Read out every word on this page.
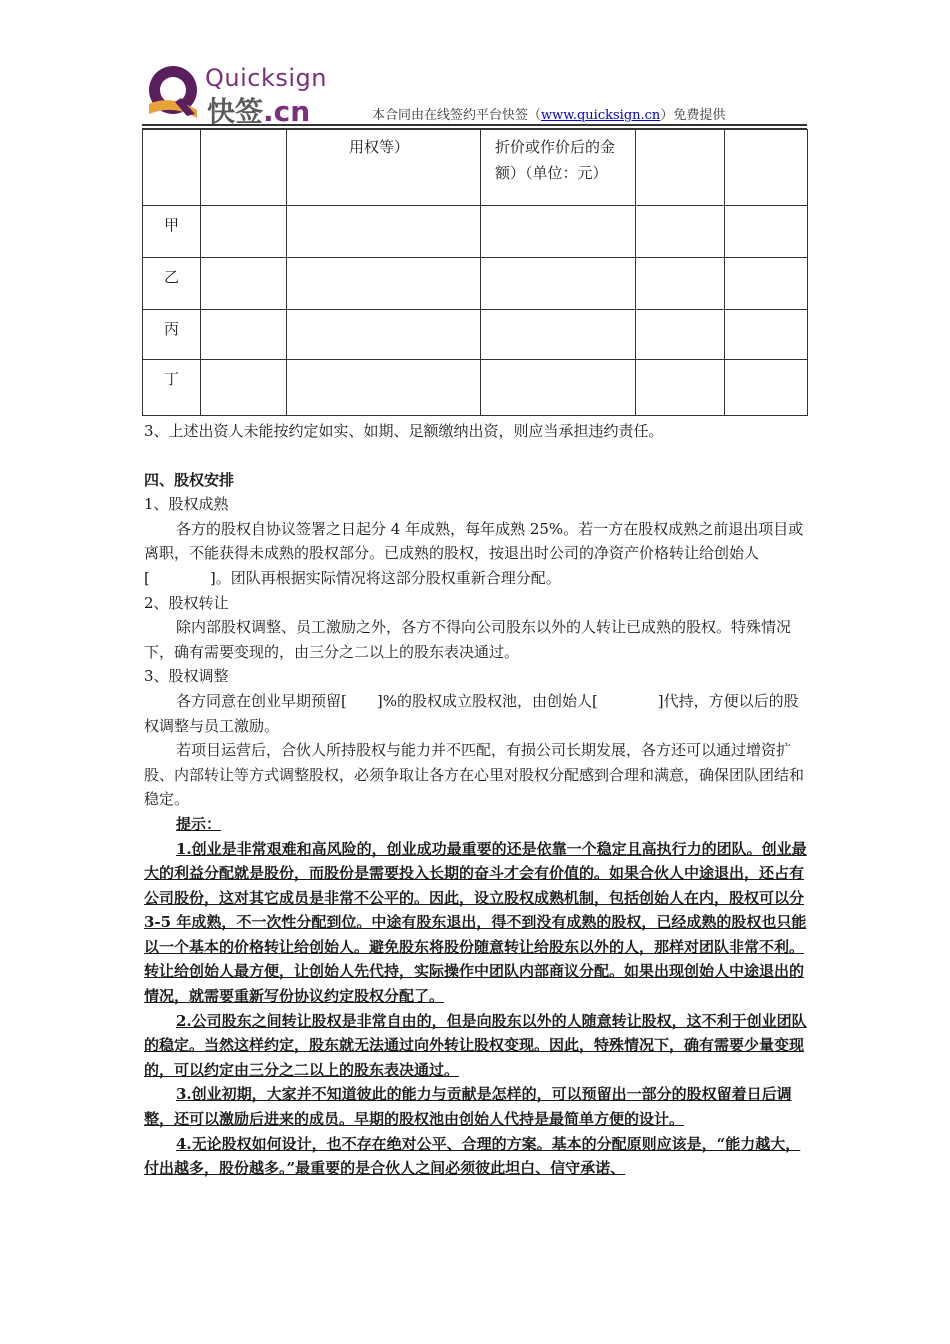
Quicksign
快签.cn	本合同由在线签约平台快签（www.quicksign.cn）免费提供

		用权等）	折价或作价后的金额）（单位：元）		

甲					
乙					
丙					
丁					

3、上述出资人未能按约定如实、如期、足额缴纳出资，则应当承担违约责任。

四、股权安排

1、股权成熟

各方的股权自协议签署之日起分 4 年成熟，每年成熟 25%。若一方在股权成熟之前退出项目或离职，不能获得未成熟的股权部分。已成熟的股权，按退出时公司的净资产价格转让给创始人[　　　　]。团队再根据实际情况将这部分股权重新合理分配。

2、股权转让

除内部股权调整、员工激励之外，各方不得向公司股东以外的人转让已成熟的股权。特殊情况下，确有需要变现的，由三分之二以上的股东表决通过。

3、股权调整

各方同意在创业早期预留[　　]%的股权成立股权池，由创始人[　　　　]代持，方便以后的股权调整与员工激励。

若项目运营后，合伙人所持股权与能力并不匹配，有损公司长期发展，各方还可以通过增资扩股、内部转让等方式调整股权，必须争取让各方在心里对股权分配感到合理和满意，确保团队团结和稳定。

提示：

1.创业是非常艰难和高风险的，创业成功最重要的还是依靠一个稳定且高执行力的团队。创业最大的利益分配就是股份，而股份是需要投入长期的奋斗才会有价值的。如果合伙人中途退出，还占有公司股份，这对其它成员是非常不公平的。因此，设立股权成熟机制，包括创始人在内，股权可以分 3-5 年成熟，不一次性分配到位。中途有股东退出，得不到没有成熟的股权，已经成熟的股权也只能以一个基本的价格转让给创始人。避免股东将股份随意转让给股东以外的人，那样对团队非常不利。转让给创始人最方便，让创始人先代持，实际操作中团队内部商议分配。如果出现创始人中途退出的情况，就需要重新写份协议约定股权分配了。

2.公司股东之间转让股权是非常自由的，但是向股东以外的人随意转让股权，这不利于创业团队的稳定。当然这样约定，股东就无法通过向外转让股权变现。因此，特殊情况下，确有需要少量变现的，可以约定由三分之二以上的股东表决通过。

3.创业初期，大家并不知道彼此的能力与贡献是怎样的，可以预留出一部分的股权留着日后调整，还可以激励后进来的成员。早期的股权池由创始人代持是最简单方便的设计。

4.无论股权如何设计，也不存在绝对公平、合理的方案。基本的分配原则应该是，“能力越大，付出越多，股份越多。”最重要的是合伙人之间必须彼此坦白、信守承诺、
